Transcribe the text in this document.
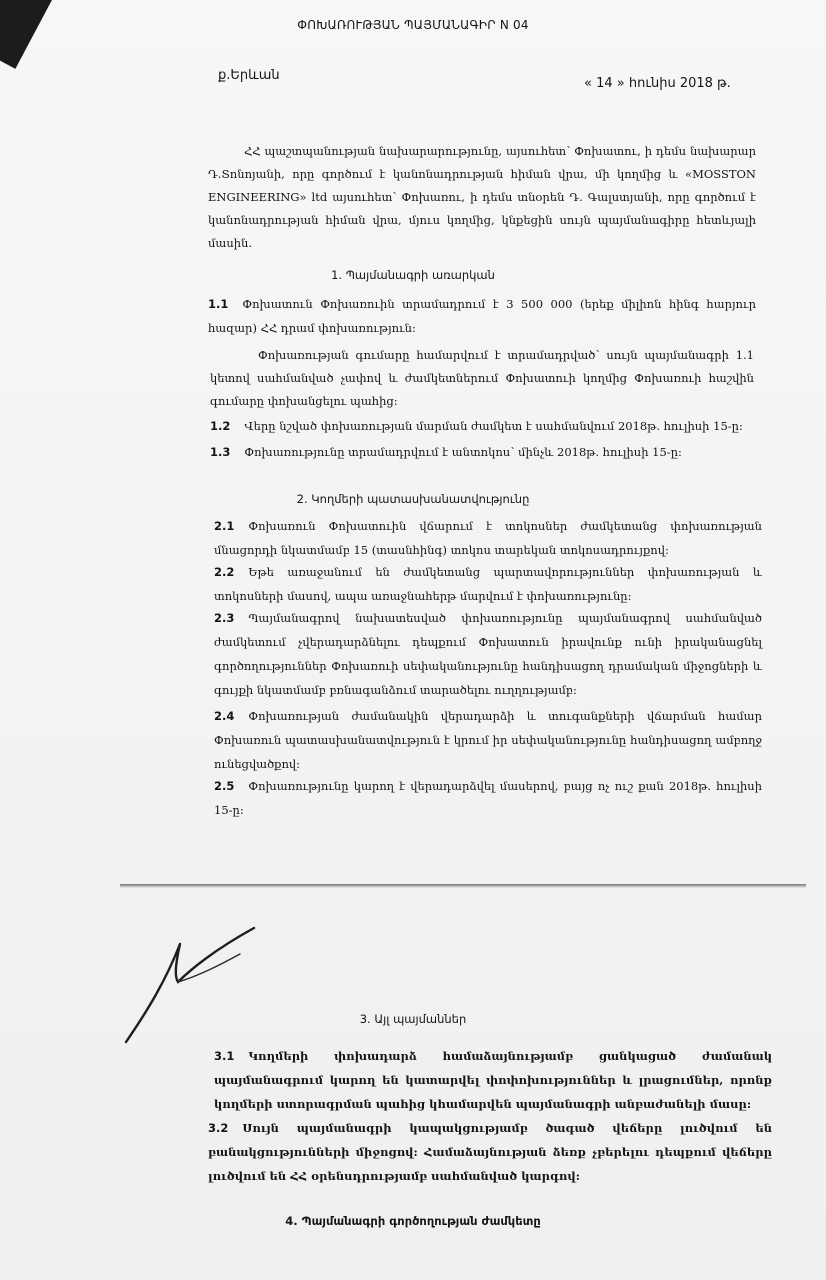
ՓՈԽԱՌՈՒԹՅԱՆ ՊԱՅՄԱՆԱԳԻՐ N 04
ք.Երևան
« 14 » հունիս 2018 թ.
ՀՀ պաշտպանության նախարարությունը, այսուհետ՝ Փոխատու, ի դեմս նախարար Դ.Տոնոյանի, որը գործում է կանոնադրության հիման վրա, մի կողմից և «MOSSTON ENGINEERING» ltd այսուհետ՝ Փոխառու, ի դեմս տնօրեն Դ. Գալստյանի, որը գործում է կանոնադրության հիման վրա, մյուս կողմից, կնքեցին սույն պայմանագիրը հետևյալի մասին.
1. Պայմանագրի առարկան
1.1 Փոխատուն Փոխառուին տրամադրում է 3 500 000 (երեք միլիոն հինգ հարյուր հազար) ՀՀ դրամ փոխառություն:
Փոխառության գումարը համարվում է տրամադրված՝ սույն պայմանագրի 1.1 կետով սահմանված չափով և ժամկետներում Փոխատուի կողմից Փոխառուի հաշվին գումարը փոխանցելու պահից:
1.2 Վերը նշված փոխառության մարման ժամկետ է սահմանվում 2018թ. հուլիսի 15-ը:
1.3 Փոխառությունը տրամադրվում է անտոկոս՝ մինչև 2018թ. հուլիսի 15-ը:
2. Կողմերի պատասխանատվությունը
2.1 Փոխառուն Փոխատուին վճարում է տոկոսներ ժամկետանց փոխառության մնացորդի նկատմամբ 15 (տասնհինգ) տոկոս տարեկան տոկոսադրույքով:
2.2 Եթե առաջանում են ժամկետանց պարտավորություններ փոխառության և տոկոսների մասով, ապա առաջնահերթ մարվում է փոխառությունը:
2.3 Պայմանագրով նախատեսված փոխառությունը պայմանագրով սահմանված ժամկետում չվերադարձնելու դեպքում Փոխատուն իրավունք ունի իրականացնել գործողություններ Փոխառուի սեփականությունը հանդիսացող դրամական միջոցների և գույքի նկատմամբ բռնագանձում տարածելու ուղղությամբ:
2.4 Փոխառության ժամանակին վերադարձի և տուգանքների վճարման համար Փոխառուն պատասխանատվություն է կրում իր սեփականությունը հանդիսացող ամբողջ ունեցվածքով:
2.5 Փոխառությունը կարող է վերադարձվել մասերով, բայց ոչ ուշ քան 2018թ. հուլիսի 15-ը:
3. Այլ պայմաններ
3.1 Կողմերի փոխադարձ համաձայնությամբ ցանկացած ժամանակ պայմանագրում կարող են կատարվել փոփոխություններ և լրացումներ, որոնք կողմերի ստորագրման պահից կհամարվեն պայմանագրի անբաժանելի մասը:
3.2 Սույն պայմանագրի կապակցությամբ ծագած վեճերը լուծվում են բանակցությունների միջոցով: Համաձայնության ձեռք չբերելու դեպքում վեճերը լուծվում են ՀՀ օրենսդրությամբ սահմանված կարգով:
4. Պայմանագրի գործողության ժամկետը
